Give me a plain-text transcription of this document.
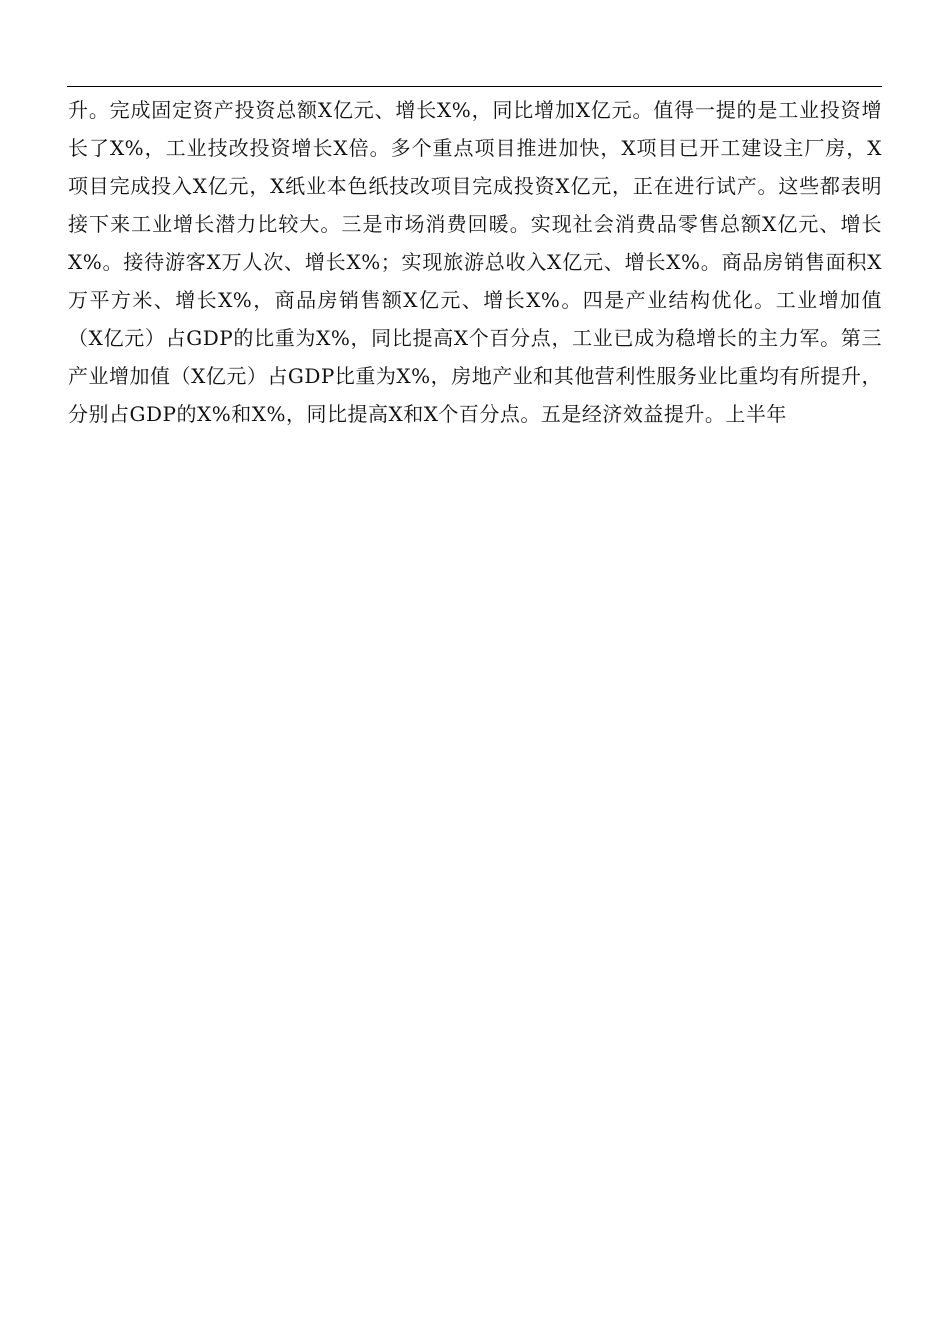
升。完成固定资产投资总额X亿元、增长X%，同比增加X亿元。值得一提的是工业投资增长了X%，工业技改投资增长X倍。多个重点项目推进加快，X项目已开工建设主厂房，X项目完成投入X亿元，X纸业本色纸技改项目完成投资X亿元，正在进行试产。这些都表明接下来工业增长潜力比较大。三是市场消费回暖。实现社会消费品零售总额X亿元、增长X%。接待游客X万人次、增长X%；实现旅游总收入X亿元、增长X%。商品房销售面积X万平方米、增长X%，商品房销售额X亿元、增长X%。四是产业结构优化。工业增加值（X亿元）占GDP的比重为X%，同比提高X个百分点，工业已成为稳增长的主力军。第三产业增加值（X亿元）占GDP比重为X%，房地产业和其他营利性服务业比重均有所提升，分别占GDP的X%和X%，同比提高X和X个百分点。五是经济效益提升。上半年
